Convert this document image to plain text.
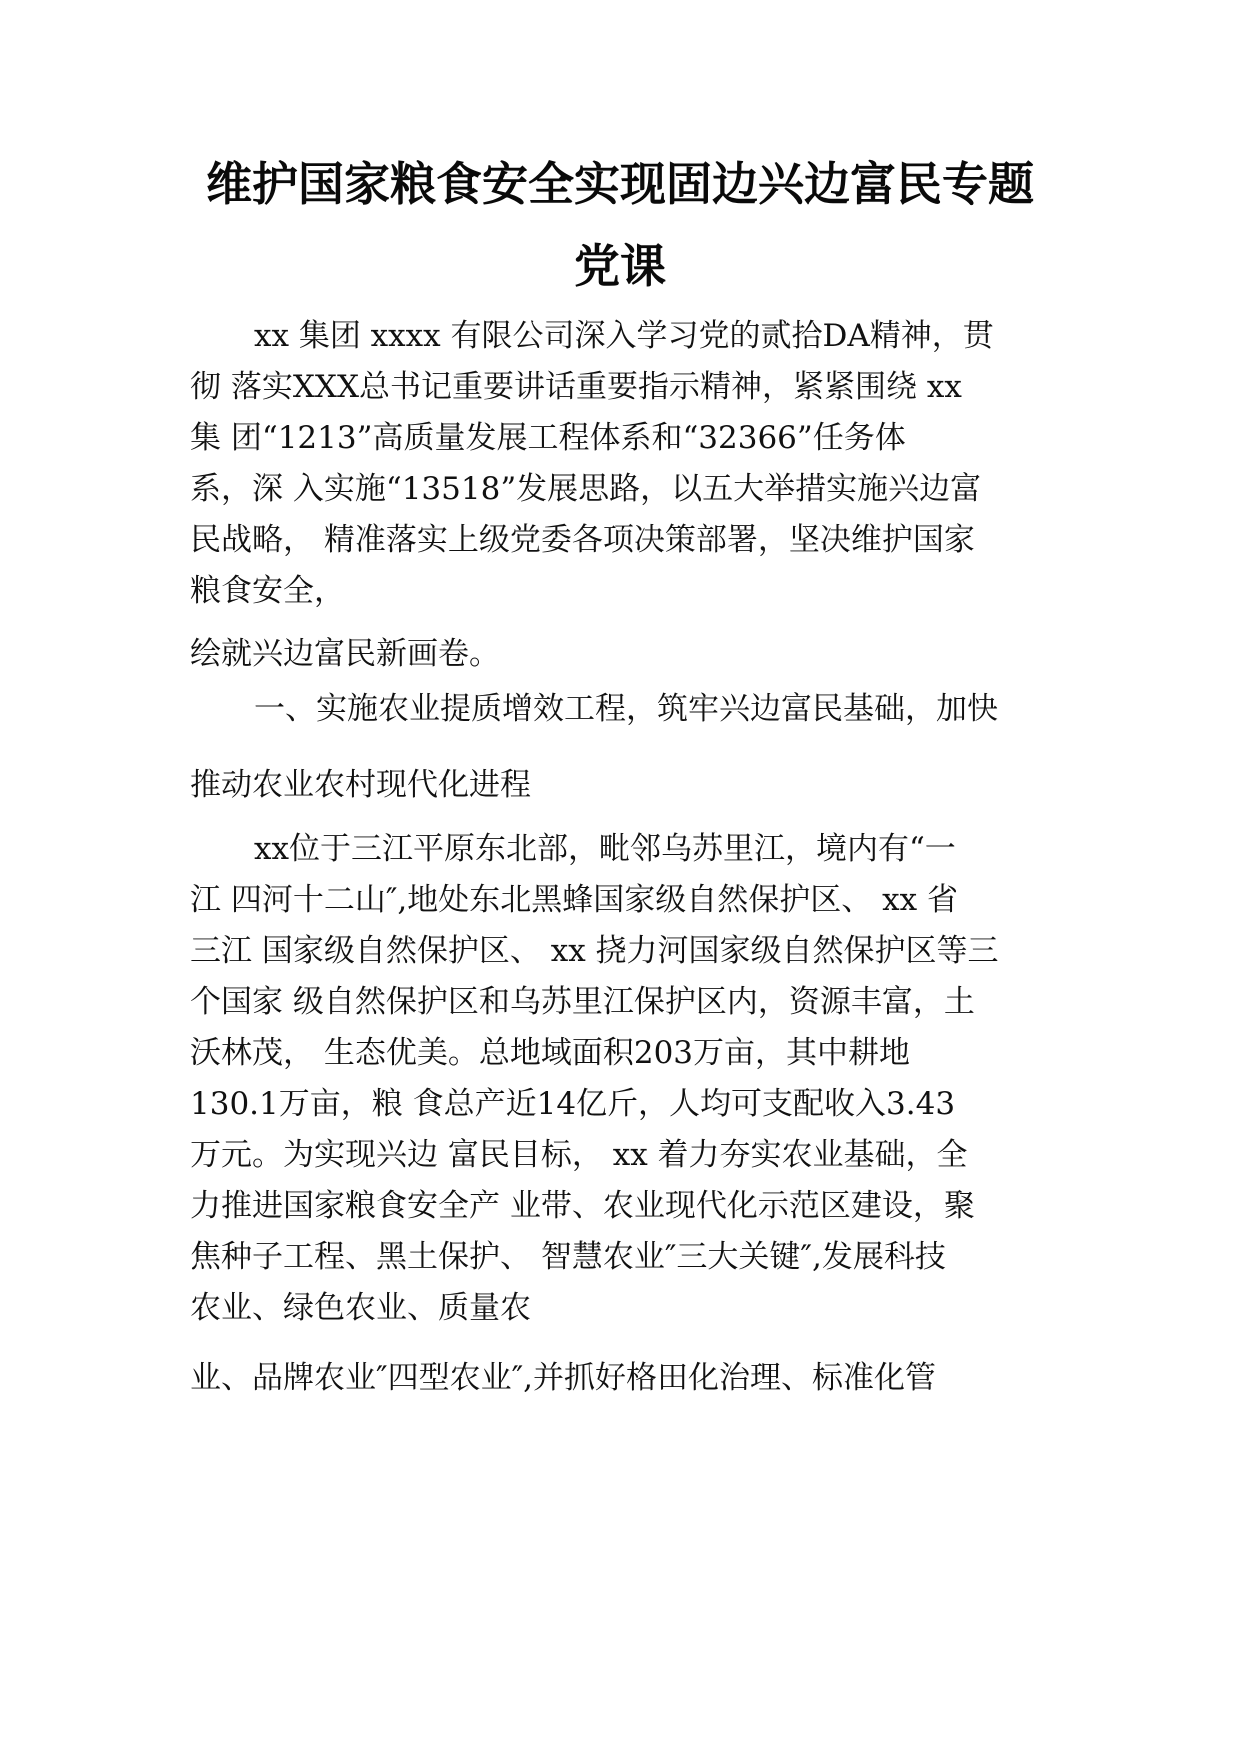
维护国家粮食安全实现固边兴边富民专题
党课

xx 集团 xxxx 有限公司深入学习党的贰拾DA精神，贯

彻 落实XXX总书记重要讲话重要指示精神，紧紧围绕 xx

集 团“1213”高质量发展工程体系和“32366”任务体

系，深 入实施“13518”发展思路，以五大举措实施兴边富

民战略， 精准落实上级党委各项决策部署，坚决维护国家

粮食安全，

绘就兴边富民新画卷。

一、实施农业提质增效工程，筑牢兴边富民基础，加快

推动农业农村现代化进程

xx位于三江平原东北部，毗邻乌苏里江，境内有“一

江 四河十二山″,地处东北黑蜂国家级自然保护区、 xx 省

三江 国家级自然保护区、 xx 挠力河国家级自然保护区等三

个国家 级自然保护区和乌苏里江保护区内，资源丰富，土

沃林茂， 生态优美。总地域面积203万亩，其中耕地

130.1万亩，粮 食总产近14亿斤，人均可支配收入3.43

万元。为实现兴边 富民目标， xx 着力夯实农业基础，全

力推进国家粮食安全产 业带、农业现代化示范区建设，聚

焦种子工程、黑土保护、 智慧农业″三大关键″,发展科技

农业、绿色农业、质量农

业、品牌农业″四型农业″,并抓好格田化治理、标准化管
